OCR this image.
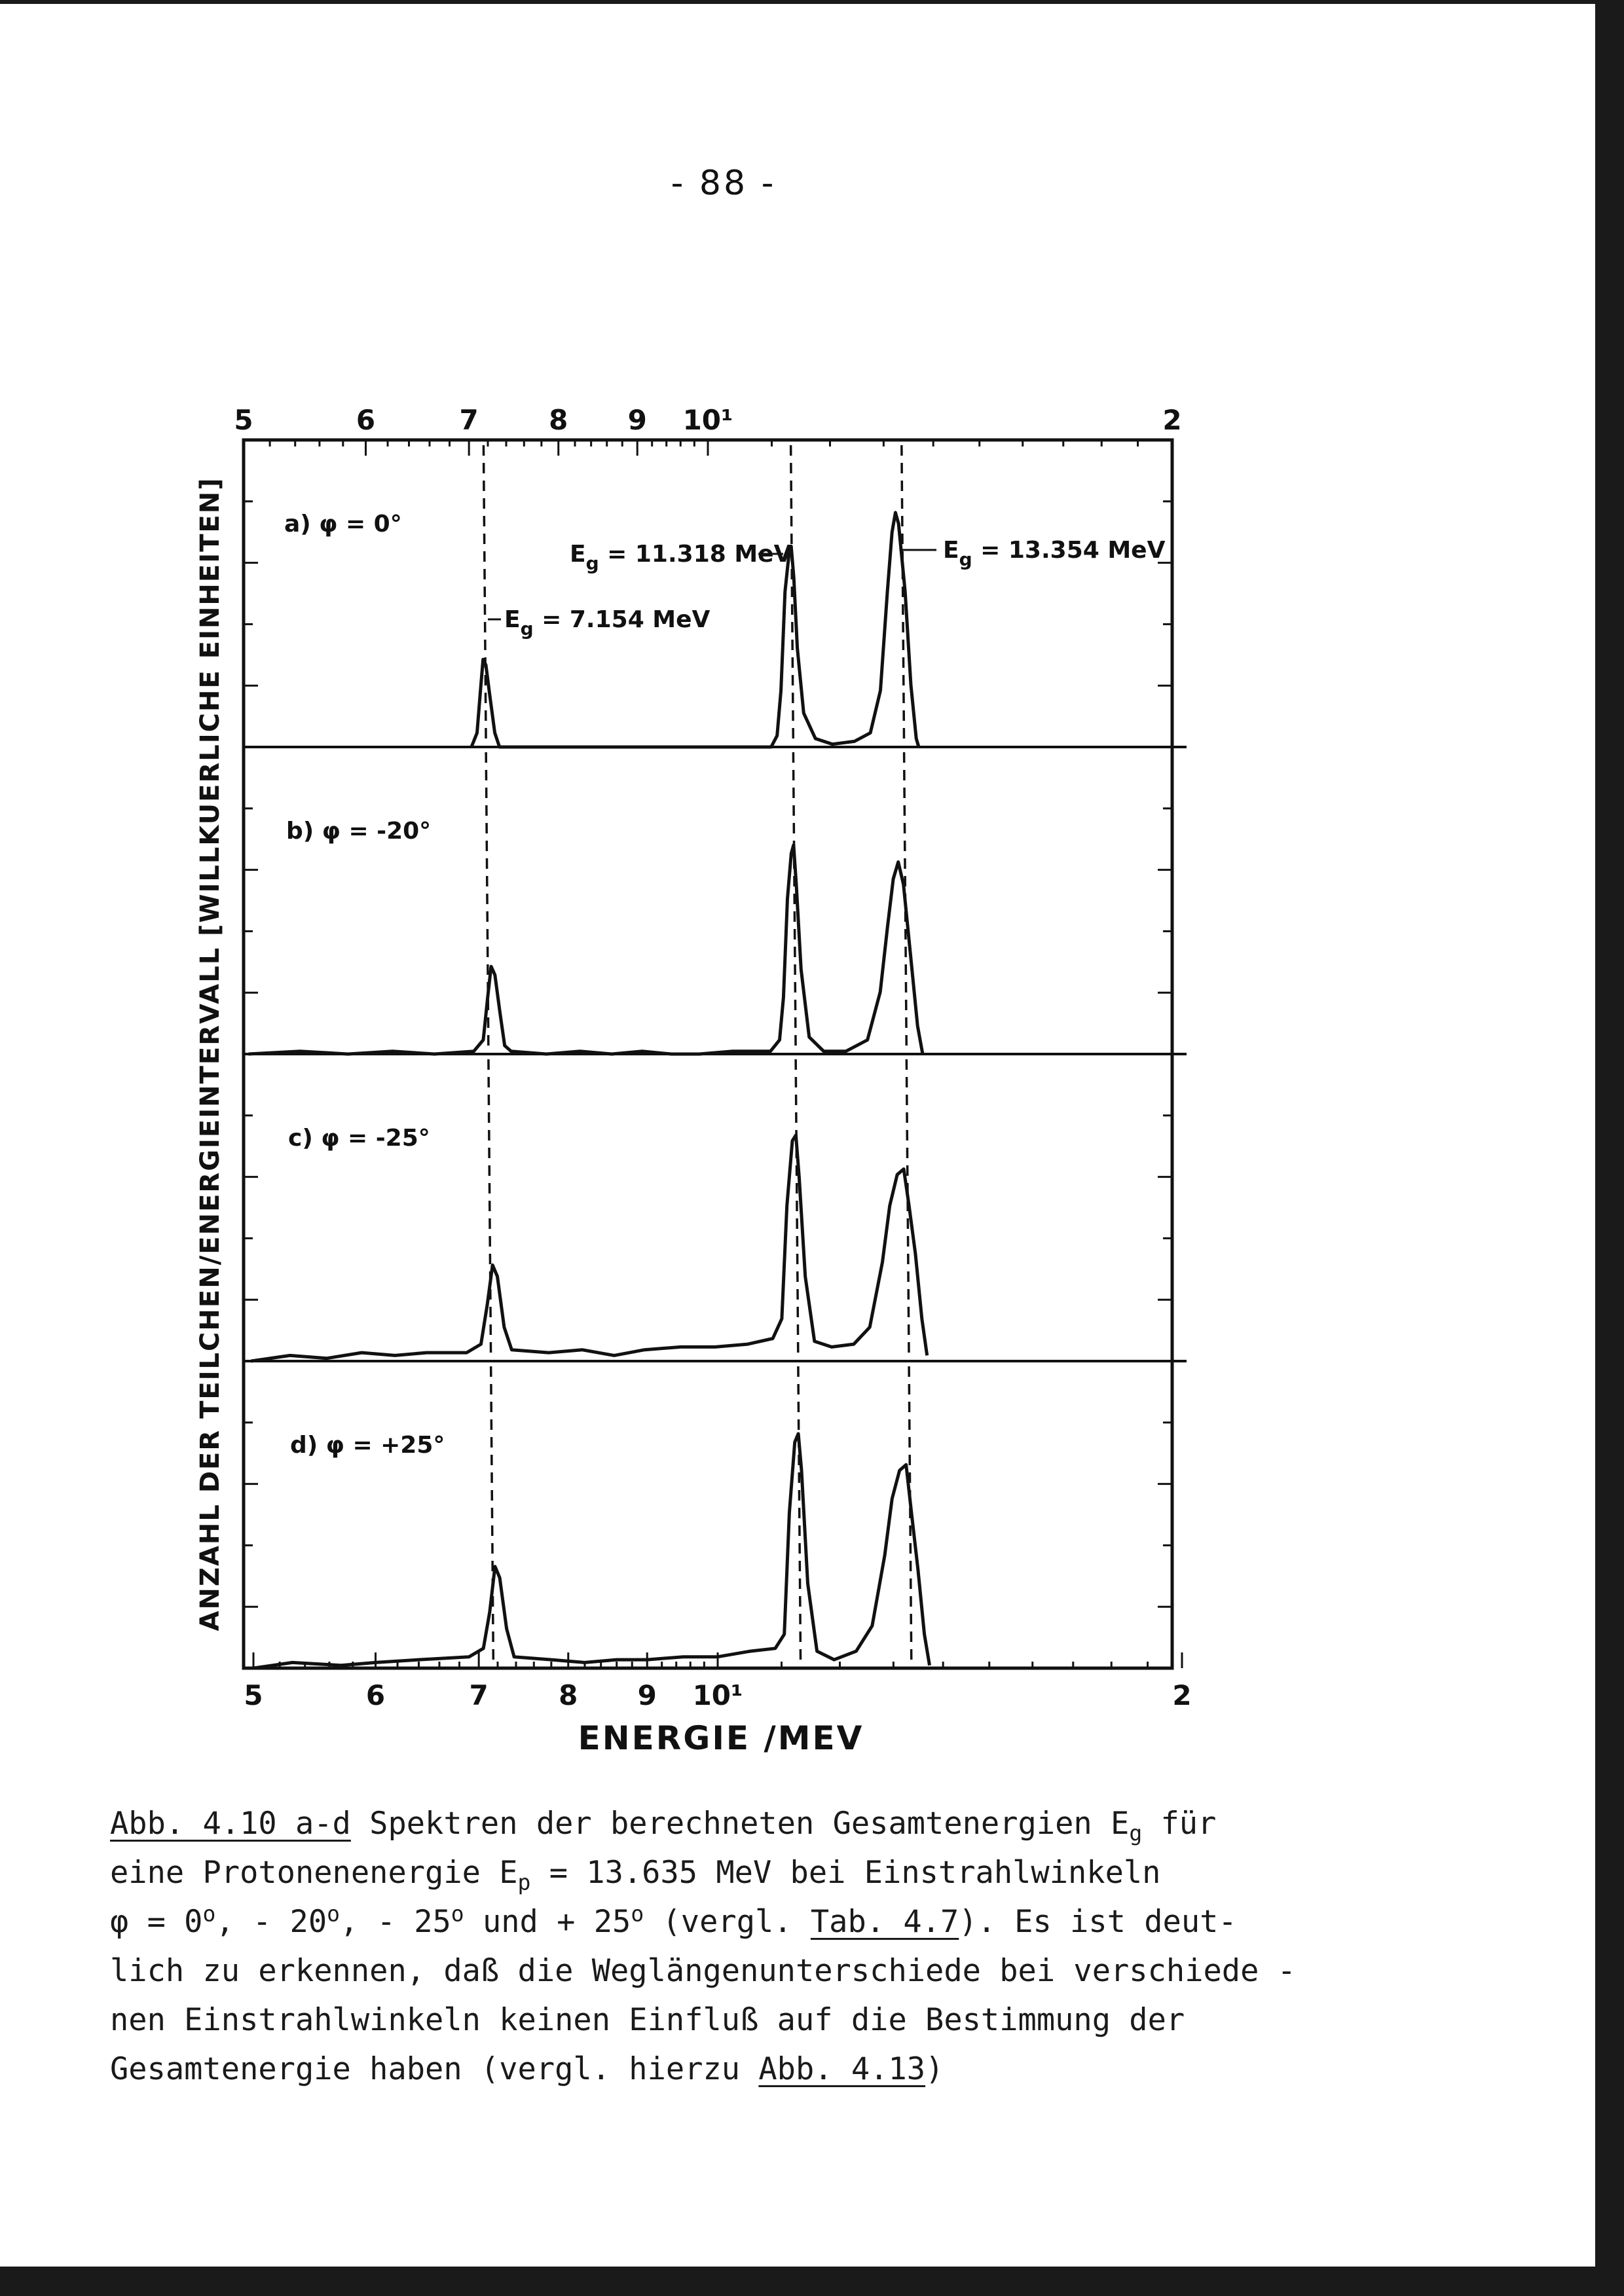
- 88 -
5	6	7	8 9 10¹	2
5	6	7	8 9 10¹	2
ENERGIE /MEV
ANZAHL DER TEILCHEN/ENERGIEINTERVALL [WILLKUERLICHE EINHEITEN]	a) φ = 0°
b) φ = -20°
c) φ = -25°
d) φ = +25°
$E_g = 11.318$ MeV	$E_g = 13.354$ MeV
$E_g = 7.154$ MeV
Abb. 4.10 a-d Spektren der berechneten Gesamtenergien $E_g$ für
eine Protonenenergie $E_p = 13.635$ MeV bei Einstrahlwinkeln
$\varphi = 0^o$, - 20$^o$, - 25$^o$ und + $25^o$ (vergl. Tab. 4.7). Es ist deut-
lich zu erkennen, daß die Weglängenunterschiede bei verschiede -
nen Einstrahlwinkeln keinen Einfluß auf die Bestimmung der
Gesamtenergie haben (vergl. hierzu Abb. 4.13)
